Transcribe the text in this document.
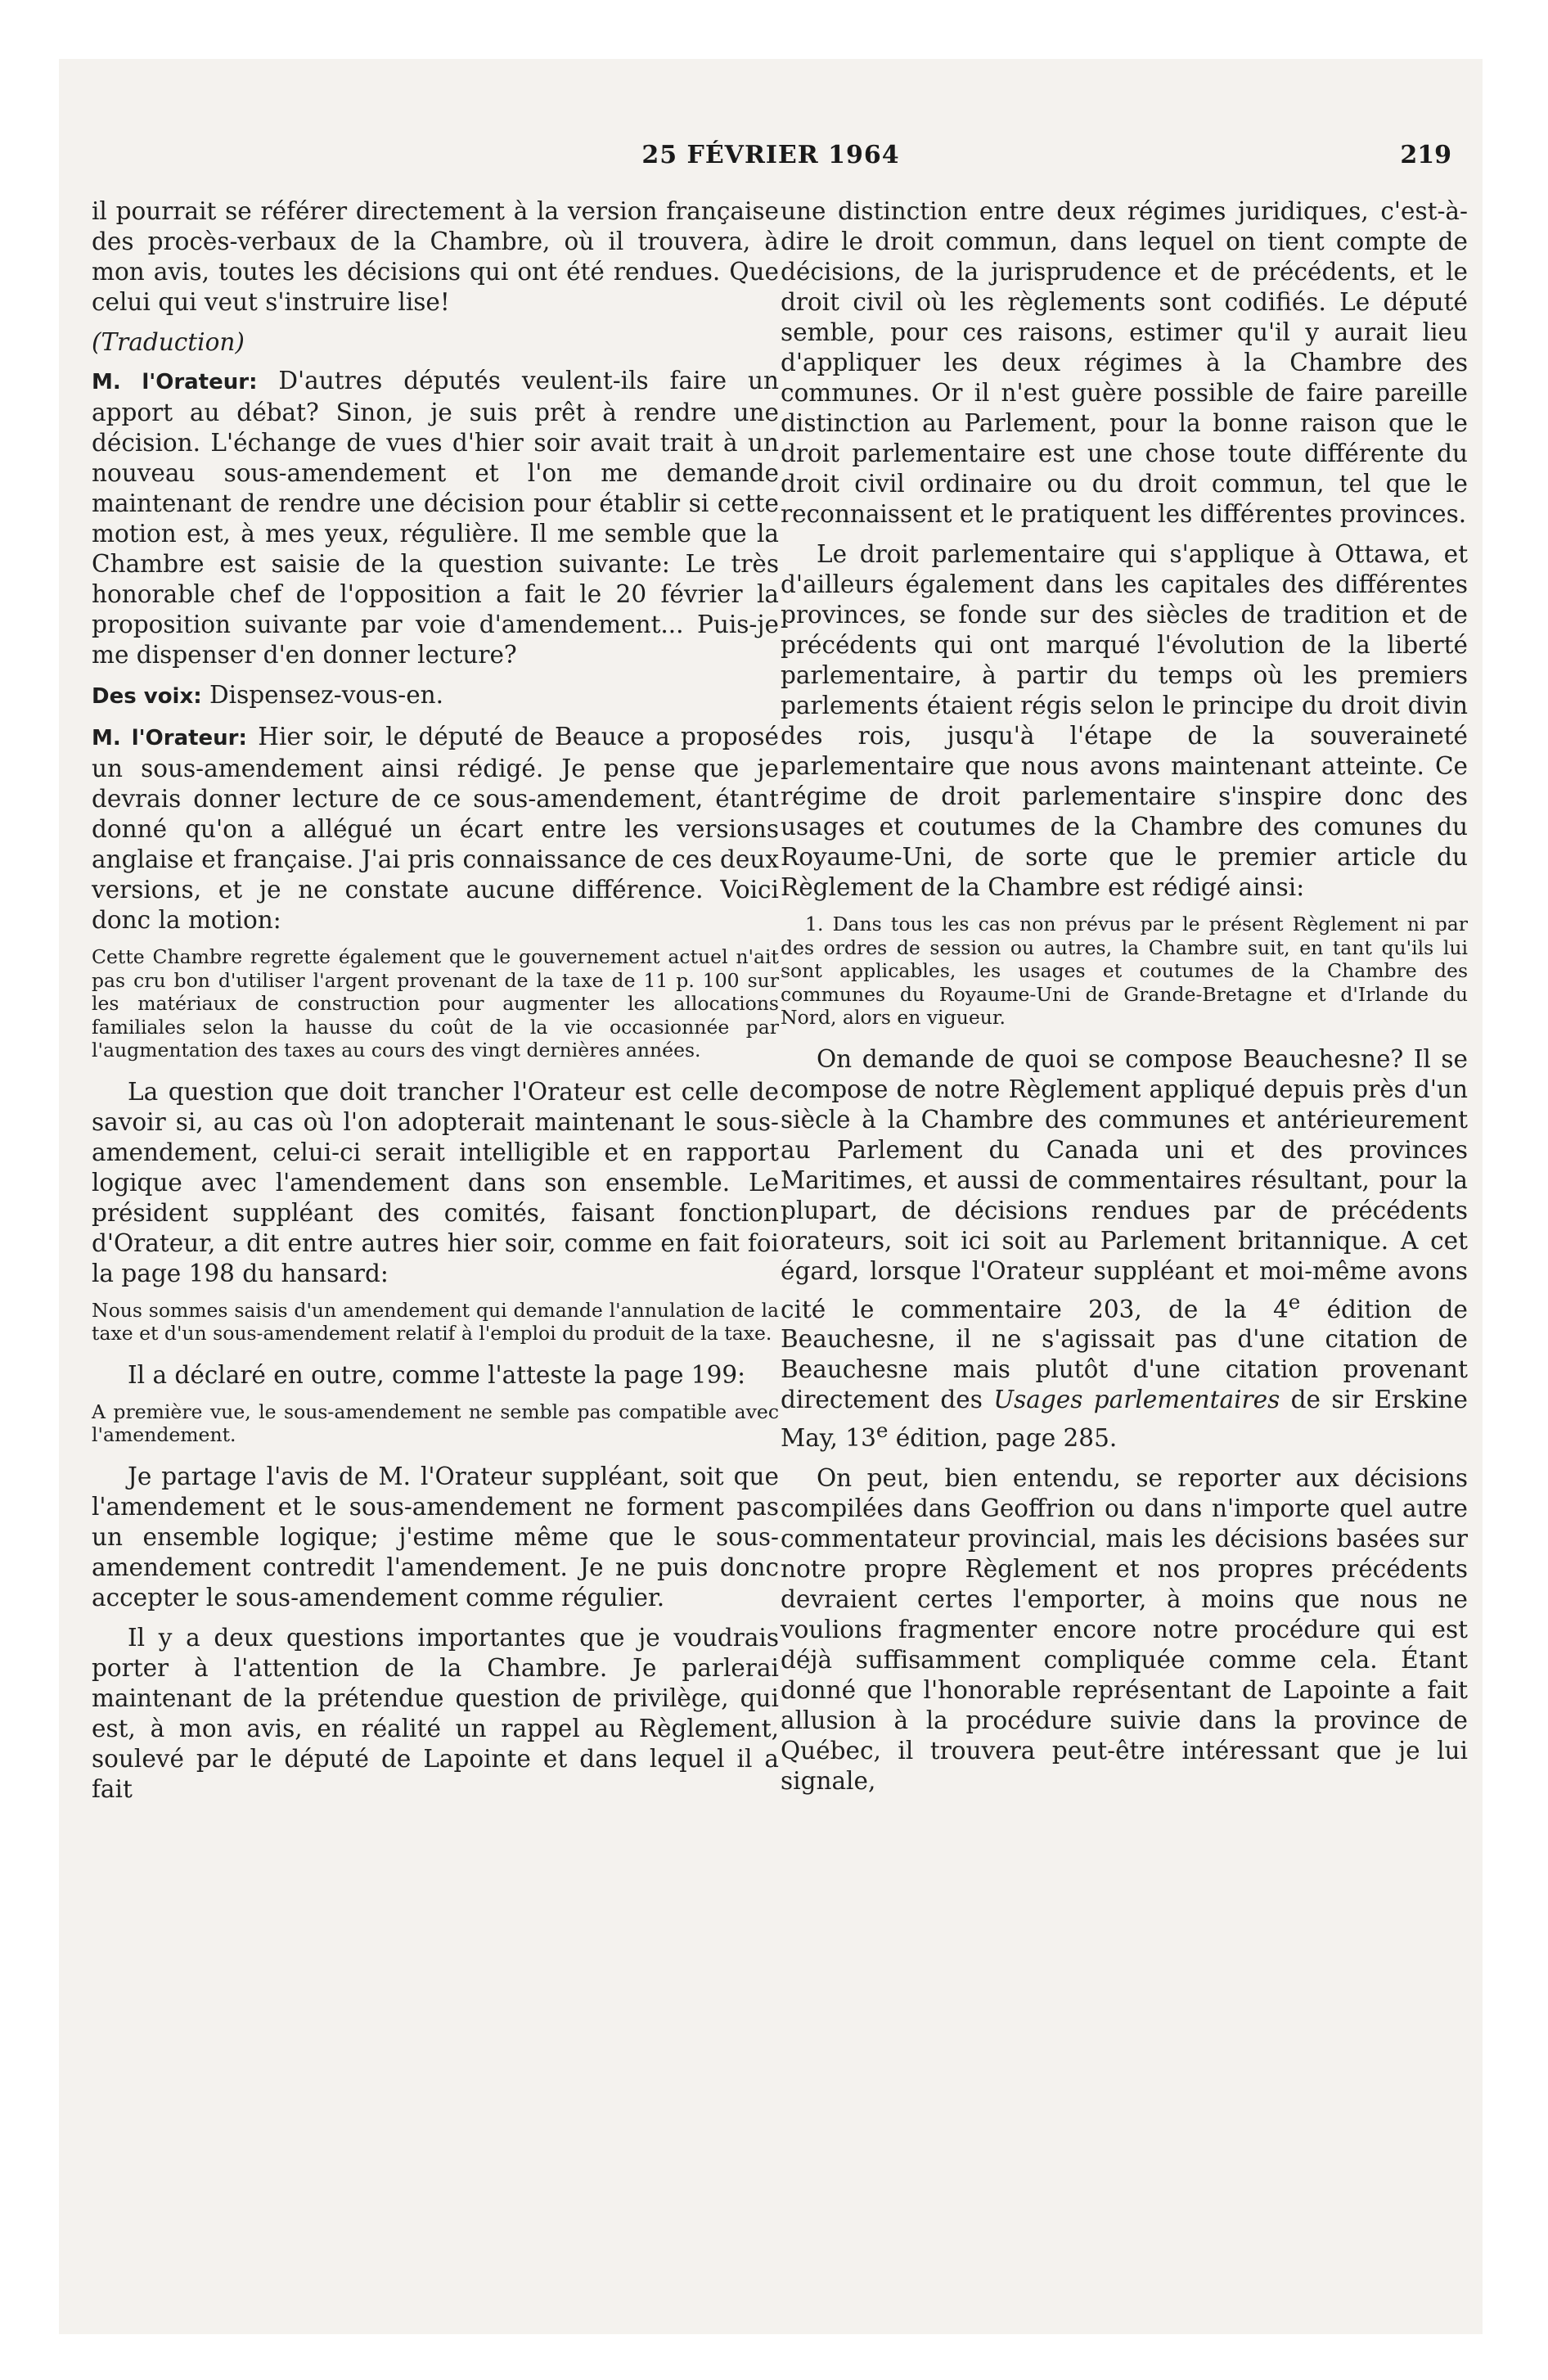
25 FÉVRIER 1964	219

il pourrait se référer directement à la version française des procès-verbaux de la Chambre, où il trouvera, à mon avis, toutes les décisions qui ont été rendues. Que celui qui veut s'instruire lise!

(Traduction)

M. l'Orateur: D'autres députés veulent-ils faire un apport au débat? Sinon, je suis prêt à rendre une décision. L'échange de vues d'hier soir avait trait à un nouveau sous-amendement et l'on me demande maintenant de rendre une décision pour établir si cette motion est, à mes yeux, régulière. Il me semble que la Chambre est saisie de la question suivante: Le très honorable chef de l'opposition a fait le 20 février la proposition suivante par voie d'amendement... Puis-je me dispenser d'en donner lecture?

Des voix: Dispensez-vous-en.

M. l'Orateur: Hier soir, le député de Beauce a proposé un sous-amendement ainsi rédigé. Je pense que je devrais donner lecture de ce sous-amendement, étant donné qu'on a allégué un écart entre les versions anglaise et française. J'ai pris connaissance de ces deux versions, et je ne constate aucune différence. Voici donc la motion:

Cette Chambre regrette également que le gouvernement actuel n'ait pas cru bon d'utiliser l'argent provenant de la taxe de 11 p. 100 sur les matériaux de construction pour augmenter les allocations familiales selon la hausse du coût de la vie occasionnée par l'augmentation des taxes au cours des vingt dernières années.

La question que doit trancher l'Orateur est celle de savoir si, au cas où l'on adopterait maintenant le sous-amendement, celui-ci serait intelligible et en rapport logique avec l'amendement dans son ensemble. Le président suppléant des comités, faisant fonction d'Orateur, a dit entre autres hier soir, comme en fait foi la page 198 du hansard:

Nous sommes saisis d'un amendement qui demande l'annulation de la taxe et d'un sous-amendement relatif à l'emploi du produit de la taxe.

Il a déclaré en outre, comme l'atteste la page 199:

A première vue, le sous-amendement ne semble pas compatible avec l'amendement.

Je partage l'avis de M. l'Orateur suppléant, soit que l'amendement et le sous-amendement ne forment pas un ensemble logique; j'estime même que le sous-amendement contredit l'amendement. Je ne puis donc accepter le sous-amendement comme régulier.

Il y a deux questions importantes que je voudrais porter à l'attention de la Chambre. Je parlerai maintenant de la prétendue question de privilège, qui est, à mon avis, en réalité un rappel au Règlement, soulevé par le député de Lapointe et dans lequel il a fait

une distinction entre deux régimes juridiques, c'est-à-dire le droit commun, dans lequel on tient compte de décisions, de la jurisprudence et de précédents, et le droit civil où les règlements sont codifiés. Le député semble, pour ces raisons, estimer qu'il y aurait lieu d'appliquer les deux régimes à la Chambre des communes. Or il n'est guère possible de faire pareille distinction au Parlement, pour la bonne raison que le droit parlementaire est une chose toute différente du droit civil ordinaire ou du droit commun, tel que le reconnaissent et le pratiquent les différentes provinces.

Le droit parlementaire qui s'applique à Ottawa, et d'ailleurs également dans les capitales des différentes provinces, se fonde sur des siècles de tradition et de précédents qui ont marqué l'évolution de la liberté parlementaire, à partir du temps où les premiers parlements étaient régis selon le principe du droit divin des rois, jusqu'à l'étape de la souveraineté parlementaire que nous avons maintenant atteinte. Ce régime de droit parlementaire s'inspire donc des usages et coutumes de la Chambre des comunes du Royaume-Uni, de sorte que le premier article du Règlement de la Chambre est rédigé ainsi:

1. Dans tous les cas non prévus par le présent Règlement ni par des ordres de session ou autres, la Chambre suit, en tant qu'ils lui sont applicables, les usages et coutumes de la Chambre des communes du Royaume-Uni de Grande-Bretagne et d'Irlande du Nord, alors en vigueur.

On demande de quoi se compose Beauchesne? Il se compose de notre Règlement appliqué depuis près d'un siècle à la Chambre des communes et antérieurement au Parlement du Canada uni et des provinces Maritimes, et aussi de commentaires résultant, pour la plupart, de décisions rendues par de précédents orateurs, soit ici soit au Parlement britannique. A cet égard, lorsque l'Orateur suppléant et moi-même avons cité le commentaire 203, de la 4e édition de Beauchesne, il ne s'agissait pas d'une citation de Beauchesne mais plutôt d'une citation provenant directement des Usages parlementaires de sir Erskine May, 13e édition, page 285.

On peut, bien entendu, se reporter aux décisions compilées dans Geoffrion ou dans n'importe quel autre commentateur provincial, mais les décisions basées sur notre propre Règlement et nos propres précédents devraient certes l'emporter, à moins que nous ne voulions fragmenter encore notre procédure qui est déjà suffisamment compliquée comme cela. Étant donné que l'honorable représentant de Lapointe a fait allusion à la procédure suivie dans la province de Québec, il trouvera peut-être intéressant que je lui signale,
